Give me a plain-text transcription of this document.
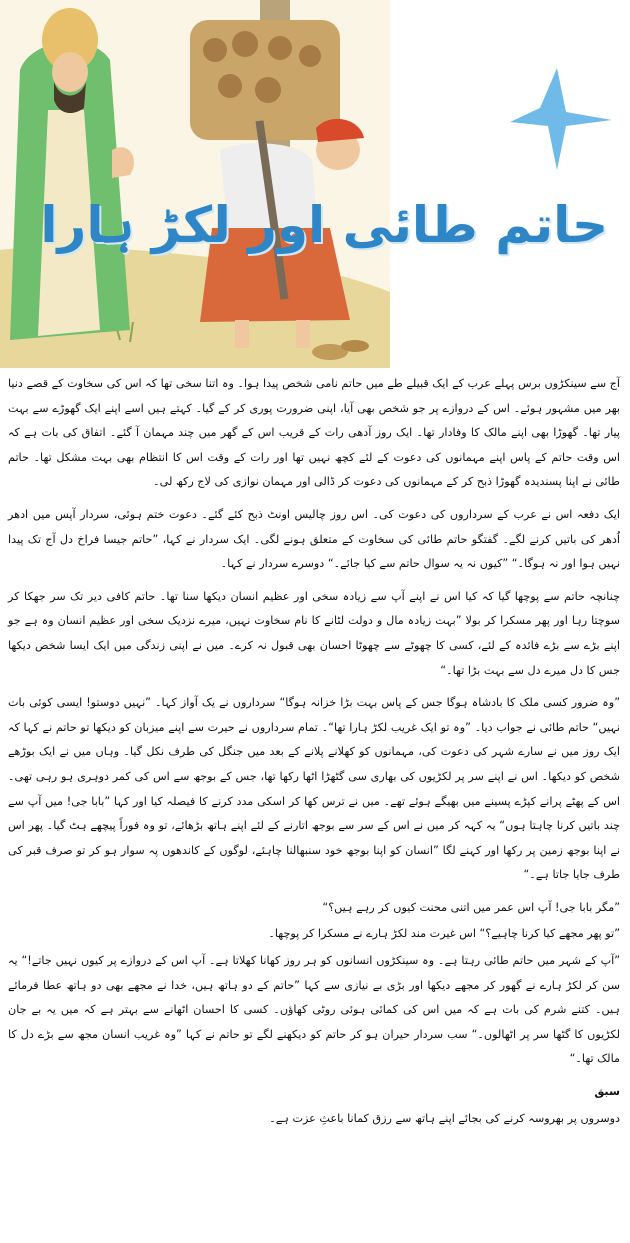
حاتم طائی اور لکڑ ہارا

آج سے سینکڑوں برس پہلے عرب کے ایک قبیلے طے میں حاتم نامی شخص پیدا ہوا۔ وہ اتنا سخی تھا کہ اس کی سخاوت کے قصے دنیا بھر میں مشہور ہوئے۔ اس کے دروازے پر جو شخص بھی آیا، اپنی ضرورت پوری کر کے گیا۔ کہتے ہیں اسے اپنے ایک گھوڑے سے بہت پیار تھا۔ گھوڑا بھی اپنے مالک کا وفادار تھا۔ ایک روز آدھی رات کے قریب اس کے گھر میں چند مہمان آ گئے۔ اتفاق کی بات ہے کہ اس وقت حاتم کے پاس اپنے مہمانوں کی دعوت کے لئے کچھ نہیں تھا اور رات کے وقت اس کا انتظام بھی بہت مشکل تھا۔ حاتم طائی نے اپنا پسندیدہ گھوڑا ذبح کر کے مہمانوں کی دعوت کر ڈالی اور مہمان نوازی کی لاج رکھ لی۔

ایک دفعہ اس نے عرب کے سرداروں کی دعوت کی۔ اس روز چالیس اونٹ ذبح کئے گئے۔ دعوت ختم ہوئی، سردار آپس میں ادھر اُدھر کی باتیں کرنے لگے۔ گفتگو حاتم طائی کی سخاوت کے متعلق ہونے لگی۔ ایک سردار نے کہا، ”حاتم جیسا فراخ دل آج تک پیدا نہیں ہوا اور نہ ہوگا۔“ ”کیوں نہ یہ سوال حاتم سے کیا جائے۔“ دوسرے سردار نے کہا۔

چنانچہ حاتم سے پوچھا گیا کہ کیا اس نے اپنے آپ سے زیادہ سخی اور عظیم انسان دیکھا سنا تھا۔ حاتم کافی دیر تک سر جھکا کر سوچتا رہا اور پھر مسکرا کر بولا ”بہت زیادہ مال و دولت لٹانے کا نام سخاوت نہیں، میرے نزدیک سخی اور عظیم انسان وہ ہے جو اپنے بڑے سے بڑے فائدہ کے لئے، کسی کا چھوٹے سے چھوٹا احسان بھی قبول نہ کرے۔ میں نے اپنی زندگی میں ایک ایسا شخص دیکھا جس کا دل میرے دل سے بہت بڑا تھا۔“

”وہ ضرور کسی ملک کا بادشاہ ہوگا جس کے پاس بہت بڑا خزانہ ہوگا“ سرداروں نے یک آواز کہا۔ ”نہیں دوستو! ایسی کوئی بات نہیں“ حاتم طائی نے جواب دیا۔ ”وہ تو ایک غریب لکڑ ہارا تھا“۔ تمام سرداروں نے حیرت سے اپنے میزبان کو دیکھا تو حاتم نے کہا کہ ایک روز میں نے سارے شہر کی دعوت کی، مہمانوں کو کھلانے پلانے کے بعد میں جنگل کی طرف نکل گیا۔ وہاں میں نے ایک بوڑھے شخص کو دیکھا۔ اس نے اپنے سر پر لکڑیوں کی بھاری سی گٹھڑا اٹھا رکھا تھا، جس کے بوجھ سے اس کی کمر دوہری ہو رہی تھی۔ اس کے پھٹے پرانے کپڑے پسینے میں بھیگے ہوئے تھے۔ میں نے ترس کھا کر اسکی مدد کرنے کا فیصلہ کیا اور کہا ”بابا جی! میں آپ سے چند باتیں کرنا چاہتا ہوں“ یہ کہہ کر میں نے اس کے سر سے بوجھ اتارنے کے لئے اپنے ہاتھ بڑھائے، تو وہ فوراً پیچھے ہٹ گیا۔ پھر اس نے اپنا بوجھ زمین پر رکھا اور کہنے لگا ”انسان کو اپنا بوجھ خود سنبھالنا چاہئے، لوگوں کے کاندھوں پہ سوار ہو کر تو صرف قبر کی طرف جایا جاتا ہے۔“

”مگر بابا جی! آپ اس عمر میں اتنی محنت کیوں کر رہے ہیں؟“

”تو پھر مجھے کیا کرنا چاہیے؟“ اس غیرت مند لکڑ ہارے نے مسکرا کر پوچھا۔

”آپ کے شہر میں حاتم طائی رہتا ہے۔ وہ سینکڑوں انسانوں کو ہر روز کھانا کھلاتا ہے۔ آپ اس کے دروازے پر کیوں نہیں جاتے!“ یہ سن کر لکڑ ہارے نے گھور کر مجھے دیکھا اور بڑی بے نیازی سے کہا ”حاتم کے دو ہاتھ ہیں، خدا نے مجھے بھی دو ہاتھ عطا فرمائے ہیں۔ کتنے شرم کی بات ہے کہ میں اس کی کمائی ہوئی روٹی کھاؤں۔ کسی کا احسان اٹھانے سے بہتر ہے کہ میں یہ بے جان لکڑیوں کا گٹھا سر پر اٹھالوں۔“ سب سردار حیران ہو کر حاتم کو دیکھنے لگے تو حاتم نے کہا ”وہ غریب انسان مجھ سے بڑے دل کا مالک تھا۔“

سبق

دوسروں پر بھروسہ کرنے کی بجائے اپنے ہاتھ سے رزق کمانا باعثِ عزت ہے۔
